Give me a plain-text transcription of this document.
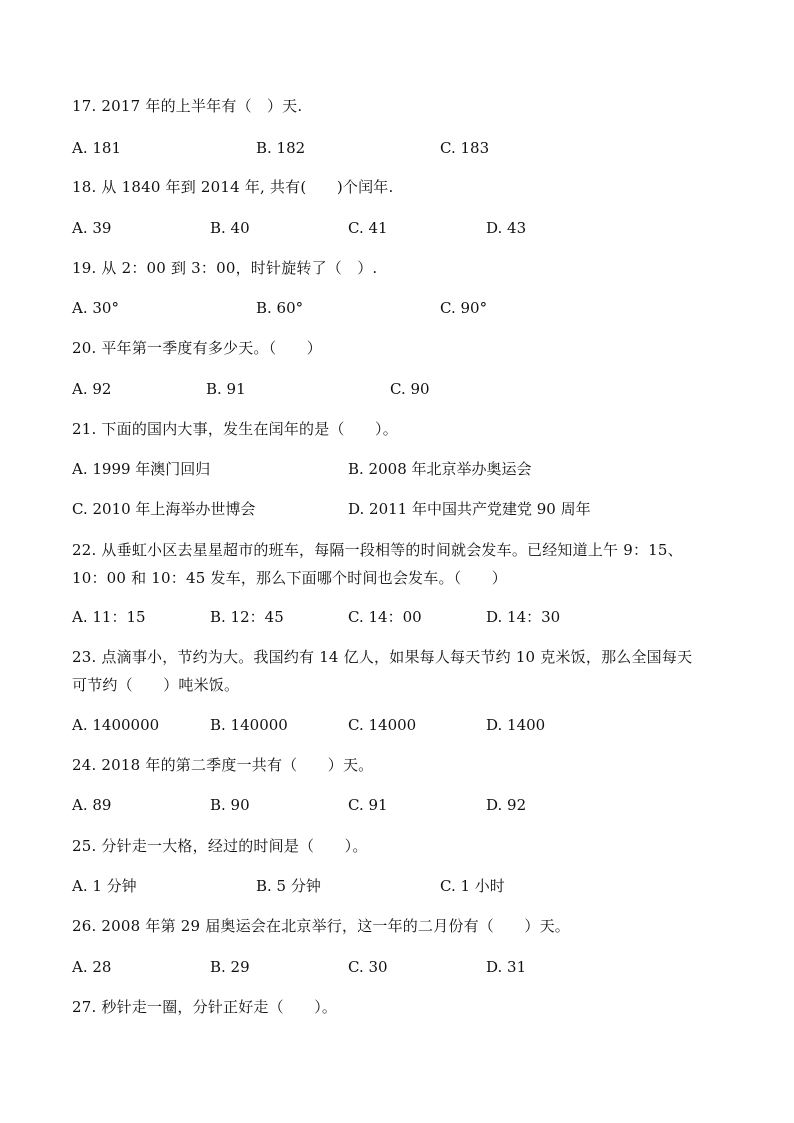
17. 2017 年的上半年有（　）天.
A. 181	B. 182	C. 183
18. 从 1840 年到 2014 年, 共有(　　)个闰年.
A. 39	B. 40	C. 41	D. 43
19. 从 2：00 到 3：00，时针旋转了（　）.
A. 30°	B. 60°	C. 90°
20. 平年第一季度有多少天。（　　）
A. 92	B. 91	C. 90
21. 下面的国内大事，发生在闰年的是（　　）。
A. 1999 年澳门回归	B. 2008 年北京举办奥运会
C. 2010 年上海举办世博会	D. 2011 年中国共产党建党 90 周年
22. 从垂虹小区去星星超市的班车，每隔一段相等的时间就会发车。已经知道上午 9：15、
10：00 和 10：45 发车，那么下面哪个时间也会发车。（　　）
A. 11：15	B. 12：45	C. 14：00	D. 14：30
23. 点滴事小，节约为大。我国约有 14 亿人，如果每人每天节约 10 克米饭，那么全国每天
可节约（　　）吨米饭。
A. 1400000	B. 140000	C. 14000	D. 1400
24. 2018 年的第二季度一共有（　　）天。
A. 89	B. 90	C. 91	D. 92
25. 分针走一大格，经过的时间是（　　）。
A. 1 分钟	B. 5 分钟	C. 1 小时
26. 2008 年第 29 届奥运会在北京举行，这一年的二月份有（　　）天。
A. 28	B. 29	C. 30	D. 31
27. 秒针走一圈，分针正好走（　　）。
